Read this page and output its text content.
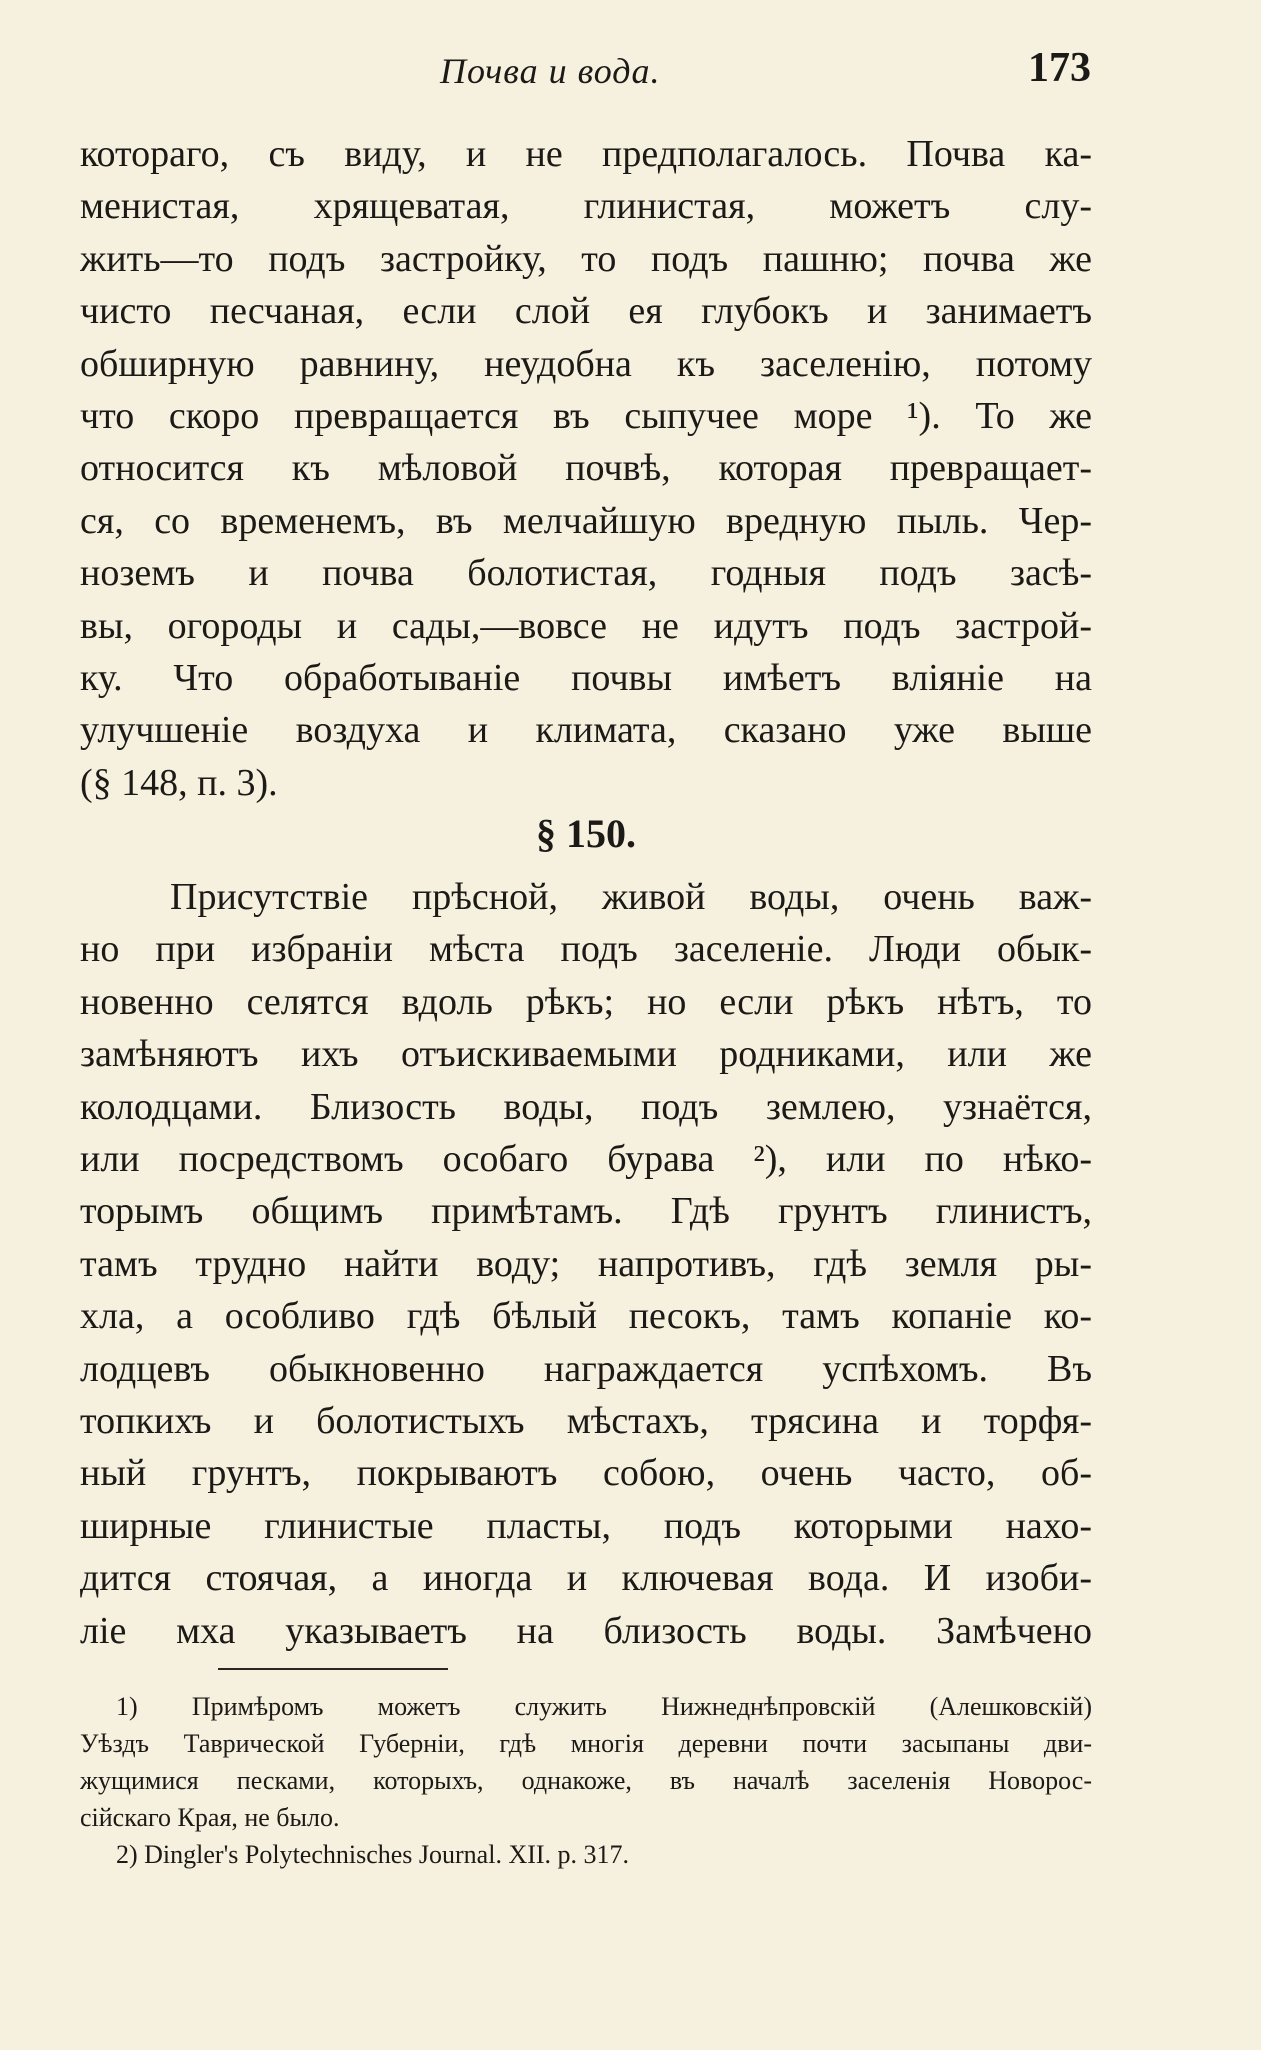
Почва и вода.	173
котораго, съ виду, и не предполагалось. Почва ка-
менистая, хрящеватая, глинистая, можетъ слу-
жить—то подъ застройку, то подъ пашню; почва же
чисто песчаная, если слой ея глубокъ и занимаетъ
обширную равнину, неудобна къ заселенію, потому
что скоро превращается въ сыпучее море ¹). То же
относится къ мѣловой почвѣ, которая превращает-
ся, со временемъ, въ мелчайшую вредную пыль. Чер-
ноземъ и почва болотистая, годныя подъ засѣ-
вы, огороды и сады,—вовсе не идутъ подъ застрой-
ку. Что обработываніе почвы имѣетъ вліяніе на
улучшеніе воздуха и климата, сказано уже выше
(§ 148, п. 3).
§ 150.
Присутствіе прѣсной, живой воды, очень важ-
но при избраніи мѣста подъ заселеніе. Люди обык-
новенно селятся вдоль рѣкъ; но если рѣкъ нѣтъ, то
замѣняютъ ихъ отъискиваемыми родниками, или же
колодцами. Близость воды, подъ землею, узнаётся,
или посредствомъ особаго бурава ²), или по нѣко-
торымъ общимъ примѣтамъ. Гдѣ грунтъ глинистъ,
тамъ трудно найти воду; напротивъ, гдѣ земля ры-
хла, а особливо гдѣ бѣлый песокъ, тамъ копаніе ко-
лодцевъ обыкновенно награждается успѣхомъ. Въ
топкихъ и болотистыхъ мѣстахъ, трясина и торфя-
ный грунтъ, покрываютъ собою, очень часто, об-
ширные глинистые пласты, подъ которыми нахо-
дится стоячая, а иногда и ключевая вода. И изоби-
ліе мха указываетъ на близость воды. Замѣчено
1) Примѣромъ можетъ служить Нижнеднѣпровскій (Алешковскій)
Уѣздъ Таврической Губерніи, гдѣ многія деревни почти засыпаны дви-
жущимися песками, которыхъ, однакоже, въ началѣ заселенія Новорос-
сійскаго Края, не было.
2) Dingler's Polytechnisches Journal. XII. p. 317.
